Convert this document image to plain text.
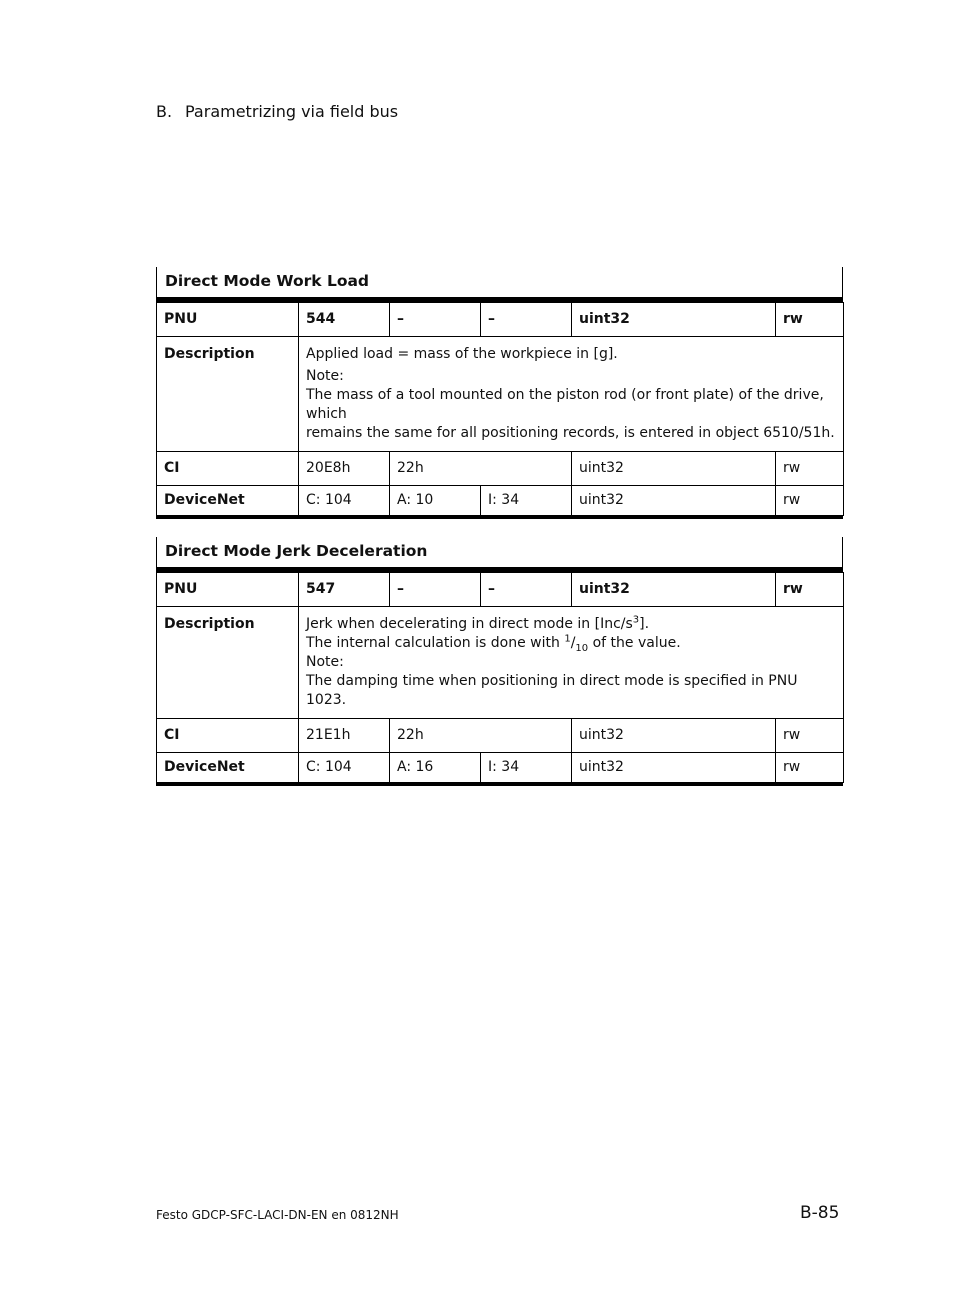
B. Parametrizing via field bus
Direct Mode Work Load
PNU	544	–	–	uint32	rw
Description	Applied load = mass of the workpiece in [g].
Note:
The mass of a tool mounted on the piston rod (or front plate) of the drive, which
remains the same for all positioning records, is entered in object 6510/51h.				

CI	20E8h	22h		uint32	rw
DeviceNet	C: 104	A: 10	I: 34	uint32	rw
Direct Mode Jerk Deceleration
PNU	547	–	–	uint32	rw
Description	Jerk when decelerating in direct mode in $[Inc/s^3]$.
The internal calculation is done with $^1/_{10}$ of the value.
Note:
The damping time when positioning in direct mode is specified in PNU 1023.				

CI	21E1h	22h		uint32	rw
DeviceNet	C: 104	A: 16	I: 34	uint32	rw
Festo GDCP-SFC-LACI-DN-EN en 0812NH	B-85
